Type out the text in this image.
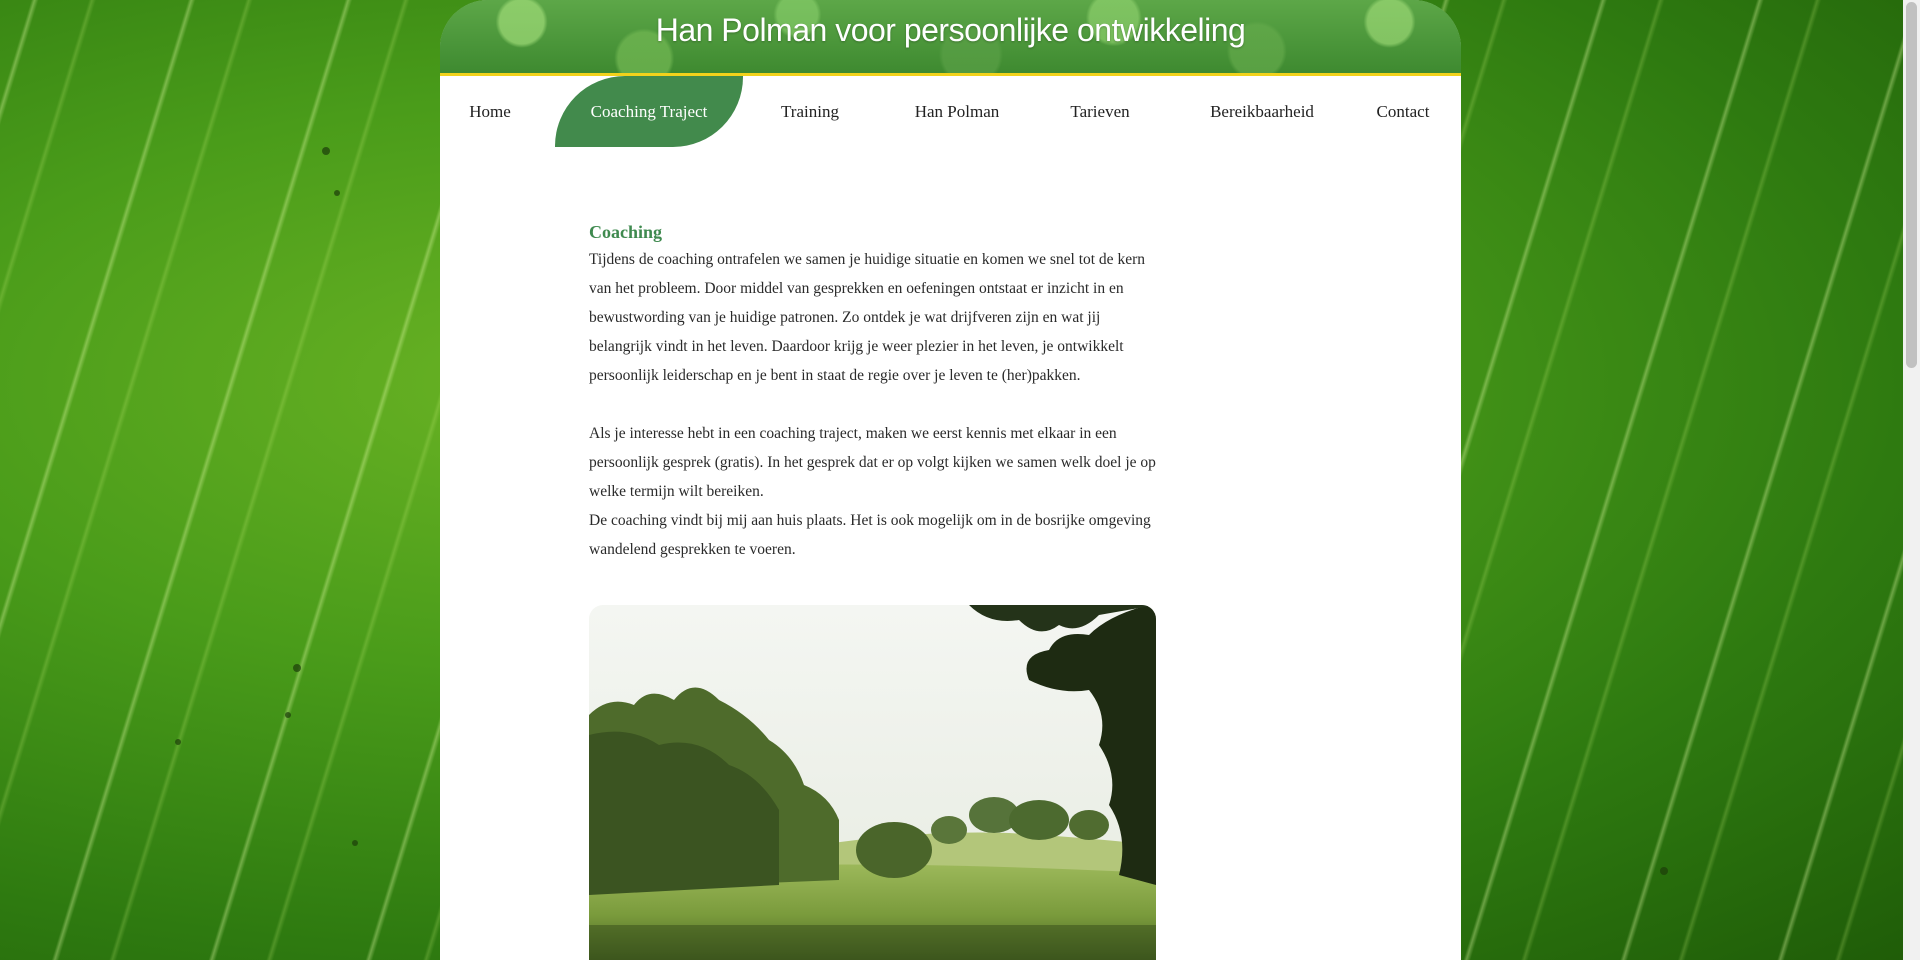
Han Polman voor persoonlijke ontwikkeling
Home	Coaching Traject	Training	Han Polman	Tarieven	Bereikbaarheid	Contact
Coaching

Tijdens de coaching ontrafelen we samen je huidige situatie en komen we snel tot de kern van het probleem. Door middel van gesprekken en oefeningen ontstaat er inzicht in en bewustwording van je huidige patronen. Zo ontdek je wat drijfveren zijn en wat jij belangrijk vindt in het leven. Daardoor krijg je weer plezier in het leven, je ontwikkelt persoonlijk leiderschap en je bent in staat de regie over je leven te (her)pakken.

Als je interesse hebt in een coaching traject, maken we eerst kennis met elkaar in een persoonlijk gesprek (gratis). In het gesprek dat er op volgt kijken we samen welk doel je op welke termijn wilt bereiken.

De coaching vindt bij mij aan huis plaats. Het is ook mogelijk om in de bosrijke omgeving wandelend gesprekken te voeren.
